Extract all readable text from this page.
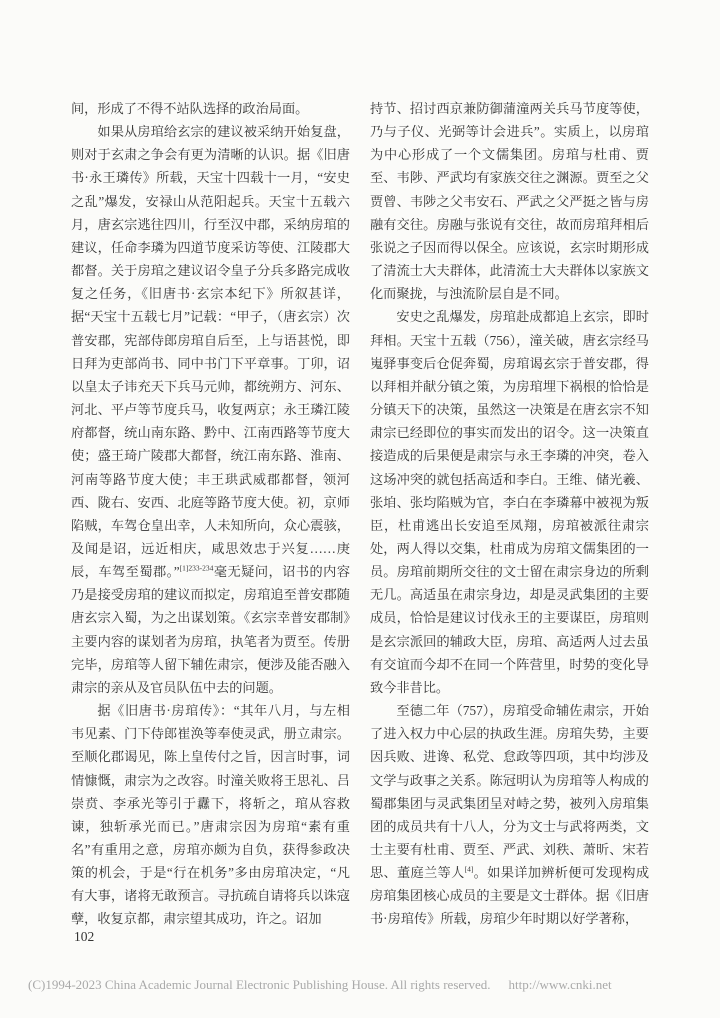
间，形成了不得不站队选择的政治局面。

如果从房琯给玄宗的建议被采纳开始复盘，则对于玄肃之争会有更为清晰的认识。据《旧唐书·永王璘传》所载，天宝十四载十一月，“安史之乱”爆发，安禄山从范阳起兵。天宝十五载六月，唐玄宗逃往四川，行至汉中郡，采纳房琯的建议，任命李璘为四道节度采访等使、江陵郡大都督。关于房琯之建议诏令皇子分兵多路完成收复之任务，《旧唐书·玄宗本纪下》所叙甚详，据“天宝十五载七月”记载：“甲子，（唐玄宗）次普安郡，宪部侍郎房琯自后至，上与语甚悦，即日拜为吏部尚书、同中书门下平章事。丁卯，诏以皇太子讳充天下兵马元帅，都统朔方、河东、河北、平卢等节度兵马，收复两京；永王璘江陵府都督，统山南东路、黔中、江南西路等节度大使；盛王琦广陵郡大都督，统江南东路、淮南、河南等路节度大使；丰王珙武威郡都督，领河西、陇右、安西、北庭等路节度大使。初，京师陷贼，车驾仓皇出幸，人未知所向，众心震骇，及闻是诏，远近相庆，咸思效忠于兴复……庚辰，车驾至蜀郡。”$^{[1]233-234}$毫无疑问，诏书的内容乃是接受房琯的建议而拟定，房琯追至普安郡随唐玄宗入蜀，为之出谋划策。《玄宗幸普安郡制》主要内容的谋划者为房琯，执笔者为贾至。传册完毕，房琯等人留下辅佐肃宗，便涉及能否融入肃宗的亲从及官员队伍中去的问题。

据《旧唐书·房琯传》：“其年八月，与左相韦见素、门下侍郎崔涣等奉使灵武，册立肃宗。至顺化郡谒见，陈上皇传付之旨，因言时事，词情慷慨，肃宗为之改容。时潼关败将王思礼、吕崇贲、李承光等引于纛下，将斩之，琯从容救谏，独斩承光而已。”唐肃宗因为房琯“素有重名”有重用之意，房琯亦颇为自负，获得参政决策的机会，于是“行在机务”多由房琯决定，“凡有大事，诸将无敢预言。寻抗疏自请将兵以诛寇孽，收复京都，肃宗望其成功，许之。诏加

持节、招讨西京兼防御蒲潼两关兵马节度等使，乃与子仪、光弼等计会进兵”。实质上，以房琯为中心形成了一个文儒集团。房琯与杜甫、贾至、韦陟、严武均有家族交往之渊源。贾至之父贾曾、韦陟之父韦安石、严武之父严挺之皆与房融有交往。房融与张说有交往，故而房琯拜相后张说之子因而得以保全。应该说，玄宗时期形成了清流士大夫群体，此清流士大夫群体以家族文化而聚拢，与浊流阶层自是不同。

安史之乱爆发，房琯赴成都追上玄宗，即时拜相。天宝十五载（756），潼关破，唐玄宗经马嵬驿事变后仓促奔蜀，房琯谒玄宗于普安郡，得以拜相并献分镇之策，为房琯埋下祸根的恰恰是分镇天下的决策，虽然这一决策是在唐玄宗不知肃宗已经即位的事实而发出的诏令。这一决策直接造成的后果便是肃宗与永王李璘的冲突，卷入这场冲突的就包括高适和李白。王维、储光羲、张垍、张均陷贼为官，李白在李璘幕中被视为叛臣，杜甫逃出长安追至凤翔，房琯被派往肃宗处，两人得以交集，杜甫成为房琯文儒集团的一员。房琯前期所交往的文士留在肃宗身边的所剩无几。高适虽在肃宗身边，却是灵武集团的主要成员，恰恰是建议讨伐永王的主要谋臣，房琯则是玄宗派回的辅政大臣，房琯、高适两人过去虽有交谊而今却不在同一个阵营里，时势的变化导致今非昔比。

至德二年（757），房琯受命辅佐肃宗，开始了进入权力中心层的执政生涯。房琯失势，主要因兵败、进谗、私党、怠政等四项，其中均涉及文学与政事之关系。陈冠明认为房琯等人构成的蜀郡集团与灵武集团呈对峙之势，被列入房琯集团的成员共有十八人，分为文士与武将两类，文士主要有杜甫、贾至、严武、刘秩、萧昕、宋若思、董庭兰等人[4]。如果详加辨析便可发现构成房琯集团核心成员的主要是文士群体。据《旧唐书·房琯传》所载，房琯少年时期以好学著称，

102
(C)1994-2023 China Academic Journal Electronic Publishing House. All rights reserved. http://www.cnki.net
